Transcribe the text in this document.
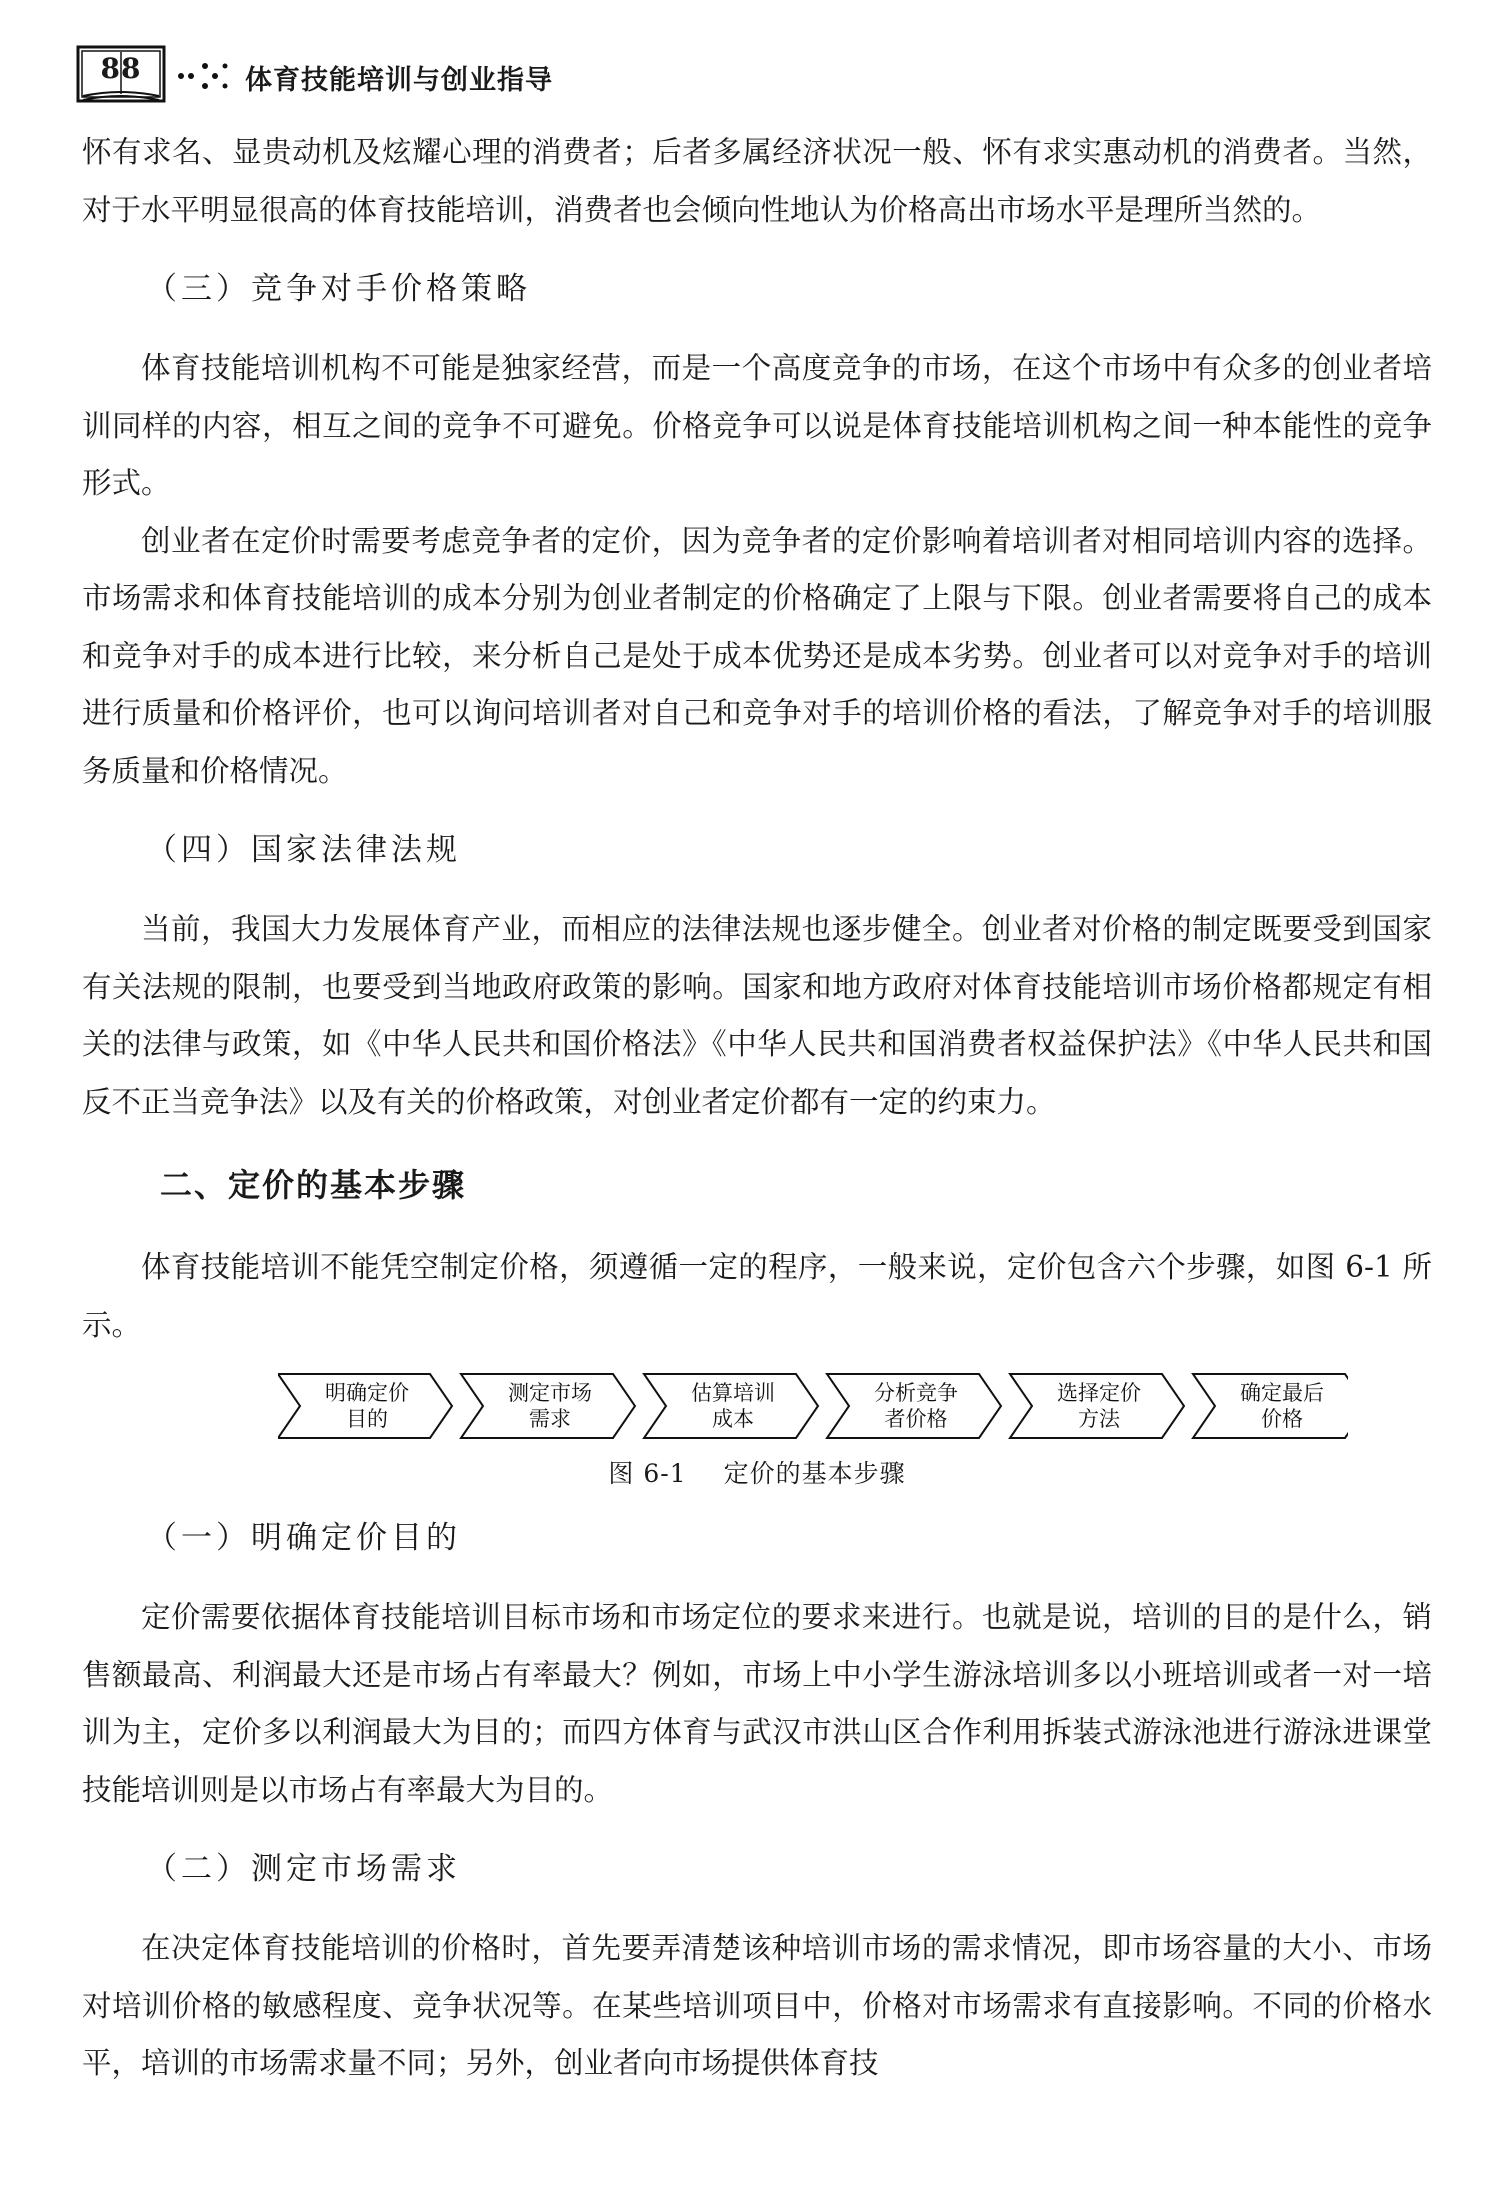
88	体育技能培训与创业指导

怀有求名、显贵动机及炫耀心理的消费者；后者多属经济状况一般、怀有求实惠动机的消费者。当然，对于水平明显很高的体育技能培训，消费者也会倾向性地认为价格高出市场水平是理所当然的。

（三）竞争对手价格策略

体育技能培训机构不可能是独家经营，而是一个高度竞争的市场，在这个市场中有众多的创业者培训同样的内容，相互之间的竞争不可避免。价格竞争可以说是体育技能培训机构之间一种本能性的竞争形式。

创业者在定价时需要考虑竞争者的定价，因为竞争者的定价影响着培训者对相同培训内容的选择。市场需求和体育技能培训的成本分别为创业者制定的价格确定了上限与下限。创业者需要将自己的成本和竞争对手的成本进行比较，来分析自己是处于成本优势还是成本劣势。创业者可以对竞争对手的培训进行质量和价格评价，也可以询问培训者对自己和竞争对手的培训价格的看法，了解竞争对手的培训服务质量和价格情况。

（四）国家法律法规

当前，我国大力发展体育产业，而相应的法律法规也逐步健全。创业者对价格的制定既要受到国家有关法规的限制，也要受到当地政府政策的影响。国家和地方政府对体育技能培训市场价格都规定有相关的法律与政策，如《中华人民共和国价格法》《中华人民共和国消费者权益保护法》《中华人民共和国反不正当竞争法》以及有关的价格政策，对创业者定价都有一定的约束力。

二、定价的基本步骤

体育技能培训不能凭空制定价格，须遵循一定的程序，一般来说，定价包含六个步骤，如图 6-1 所示。

明确定价
目的
测定市场
需求
估算培训
成本
分析竞争
者价格
选择定价
方法
确定最后
价格
图 6-1 定价的基本步骤
（一）明确定价目的

定价需要依据体育技能培训目标市场和市场定位的要求来进行。也就是说，培训的目的是什么，销售额最高、利润最大还是市场占有率最大？例如，市场上中小学生游泳培训多以小班培训或者一对一培训为主，定价多以利润最大为目的；而四方体育与武汉市洪山区合作利用拆装式游泳池进行游泳进课堂技能培训则是以市场占有率最大为目的。

（二）测定市场需求

在决定体育技能培训的价格时，首先要弄清楚该种培训市场的需求情况，即市场容量的大小、市场对培训价格的敏感程度、竞争状况等。在某些培训项目中，价格对市场需求有直接影响。不同的价格水平，培训的市场需求量不同；另外，创业者向市场提供体育技
